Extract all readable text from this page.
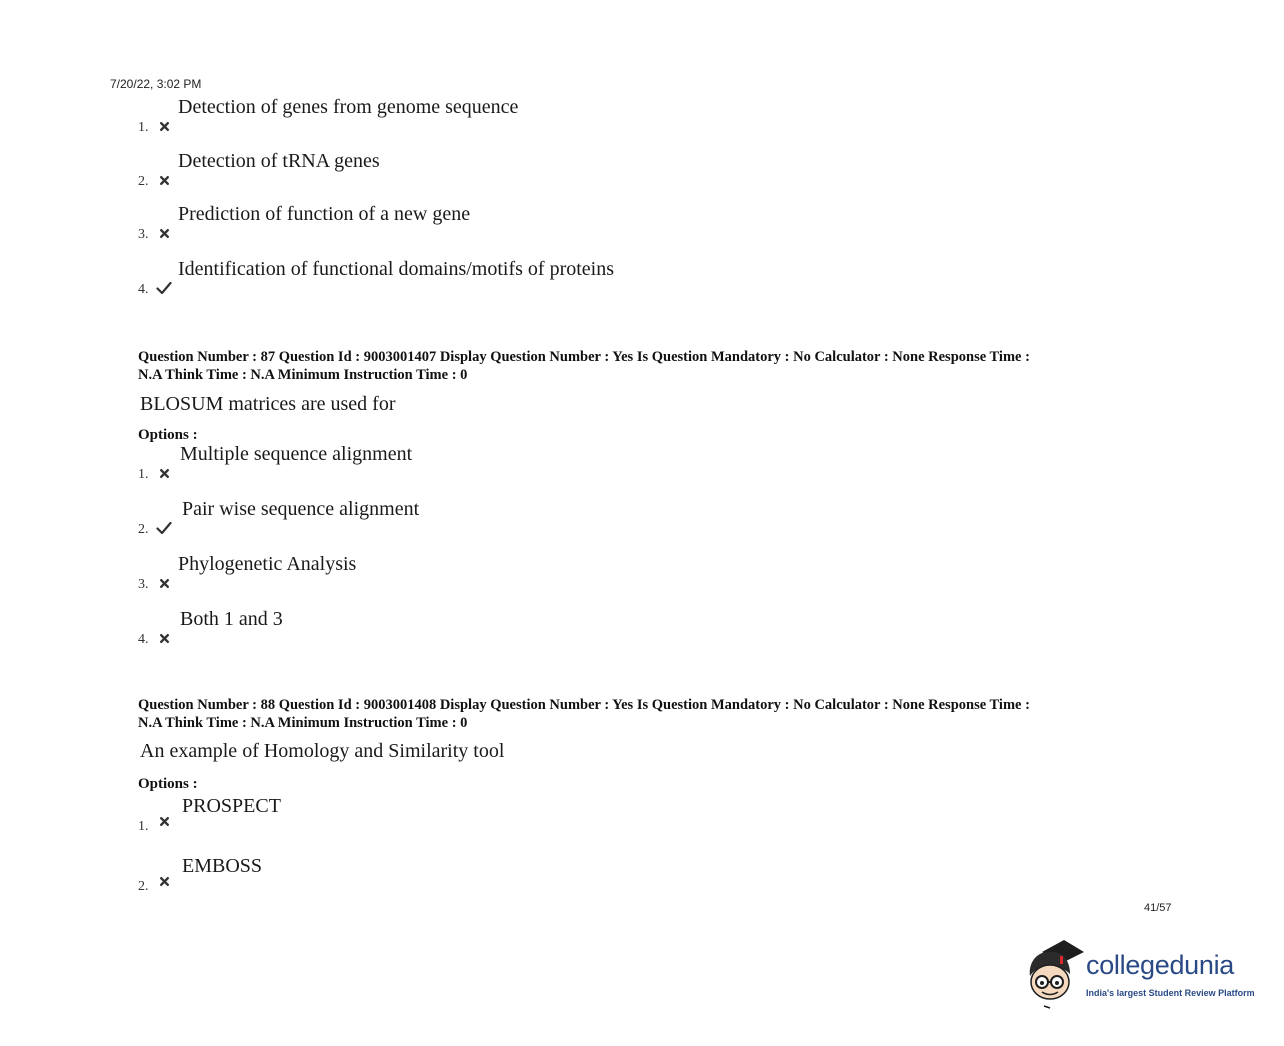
7/20/22, 3:02 PM
1.
Detection of genes from genome sequence
2.
Detection of tRNA genes
3.
Prediction of function of a new gene
4.
Identification of functional domains/motifs of proteins
Question Number : 87 Question Id : 9003001407 Display Question Number : Yes Is Question Mandatory : No Calculator : None Response Time :
N.A Think Time : N.A Minimum Instruction Time : 0
BLOSUM matrices are used for
Options :
1.
Multiple sequence alignment
2.
Pair wise sequence alignment
3.
Phylogenetic Analysis
4.
Both 1 and 3
Question Number : 88 Question Id : 9003001408 Display Question Number : Yes Is Question Mandatory : No Calculator : None Response Time :
N.A Think Time : N.A Minimum Instruction Time : 0
An example of Homology and Similarity tool
Options :
1.
PROSPECT
2.
EMBOSS
41/57
collegedunia
India's largest Student Review Platform
